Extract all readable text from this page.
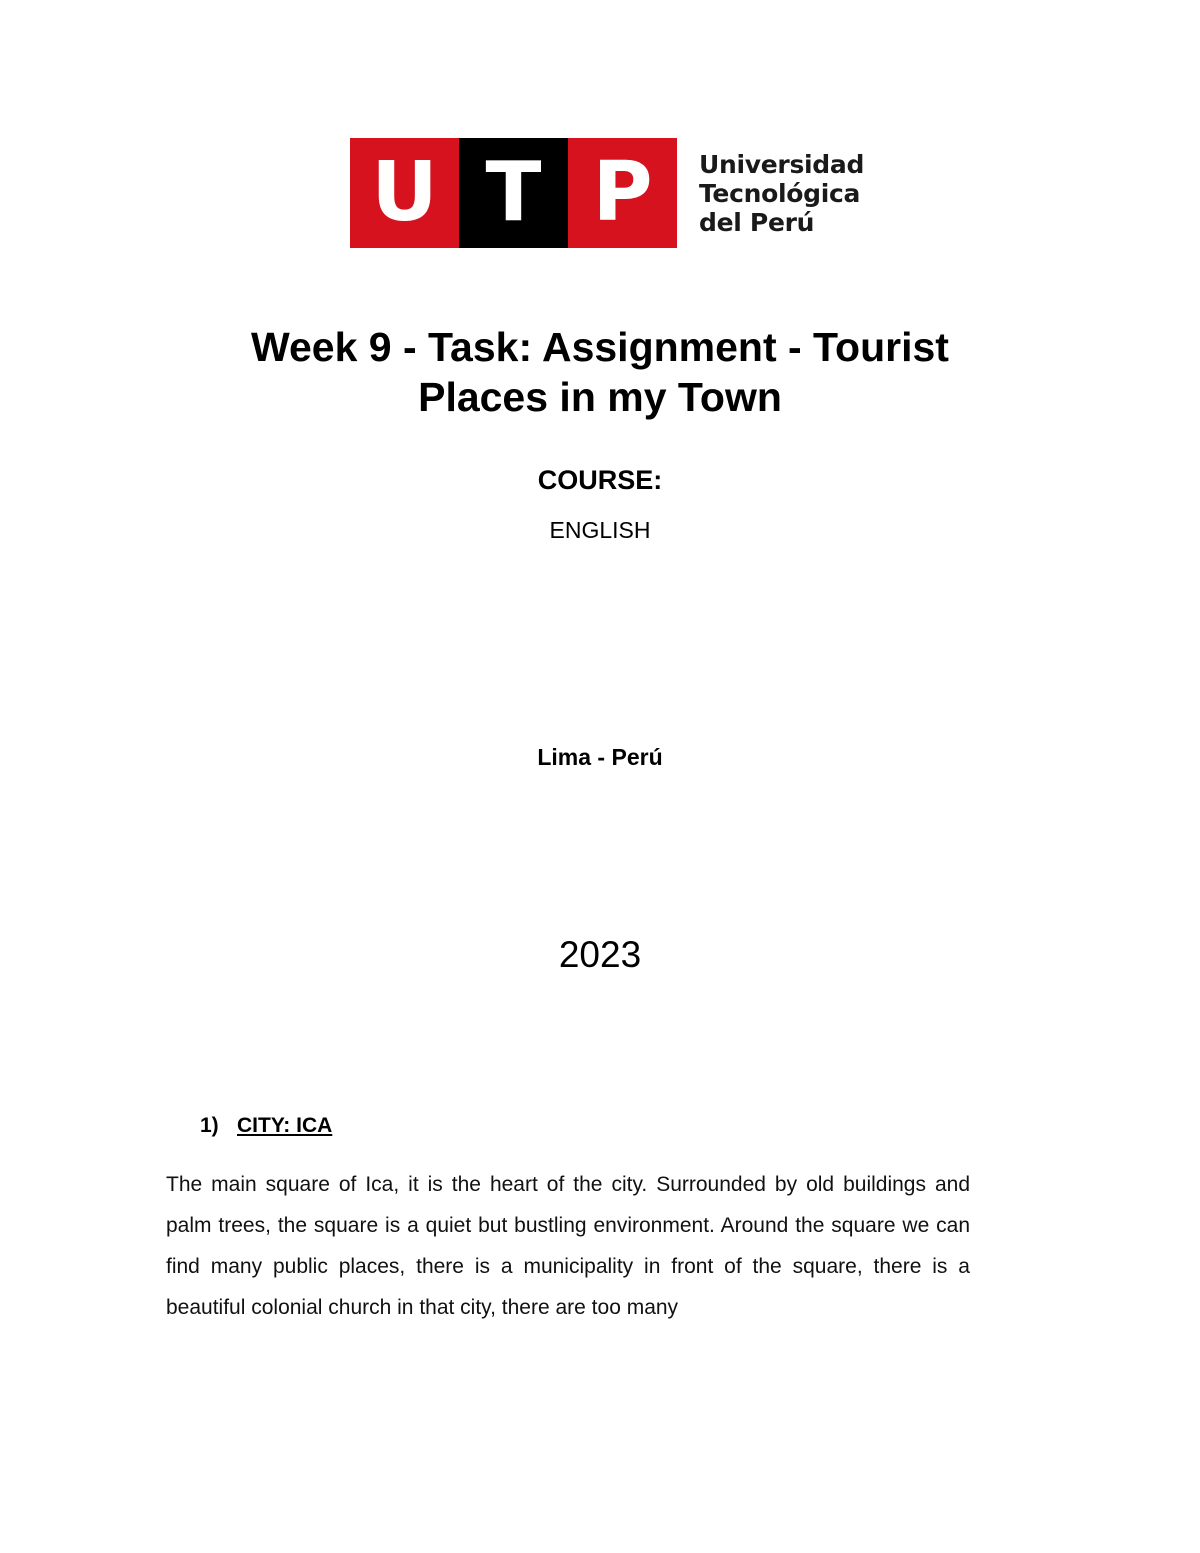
U T P	Universidad
Tecnológica
del Perú
Week 9 - Task: Assignment - Tourist
Places in my Town
COURSE:
ENGLISH
Lima - Perú
2023
1) CITY: ICA
The main square of Ica, it is the heart of the city. Surrounded by old buildings and palm trees, the square is a quiet but bustling environment. Around the square we can find many public places, there is a municipality in front of the square, there is a beautiful colonial church in that city, there are too many
